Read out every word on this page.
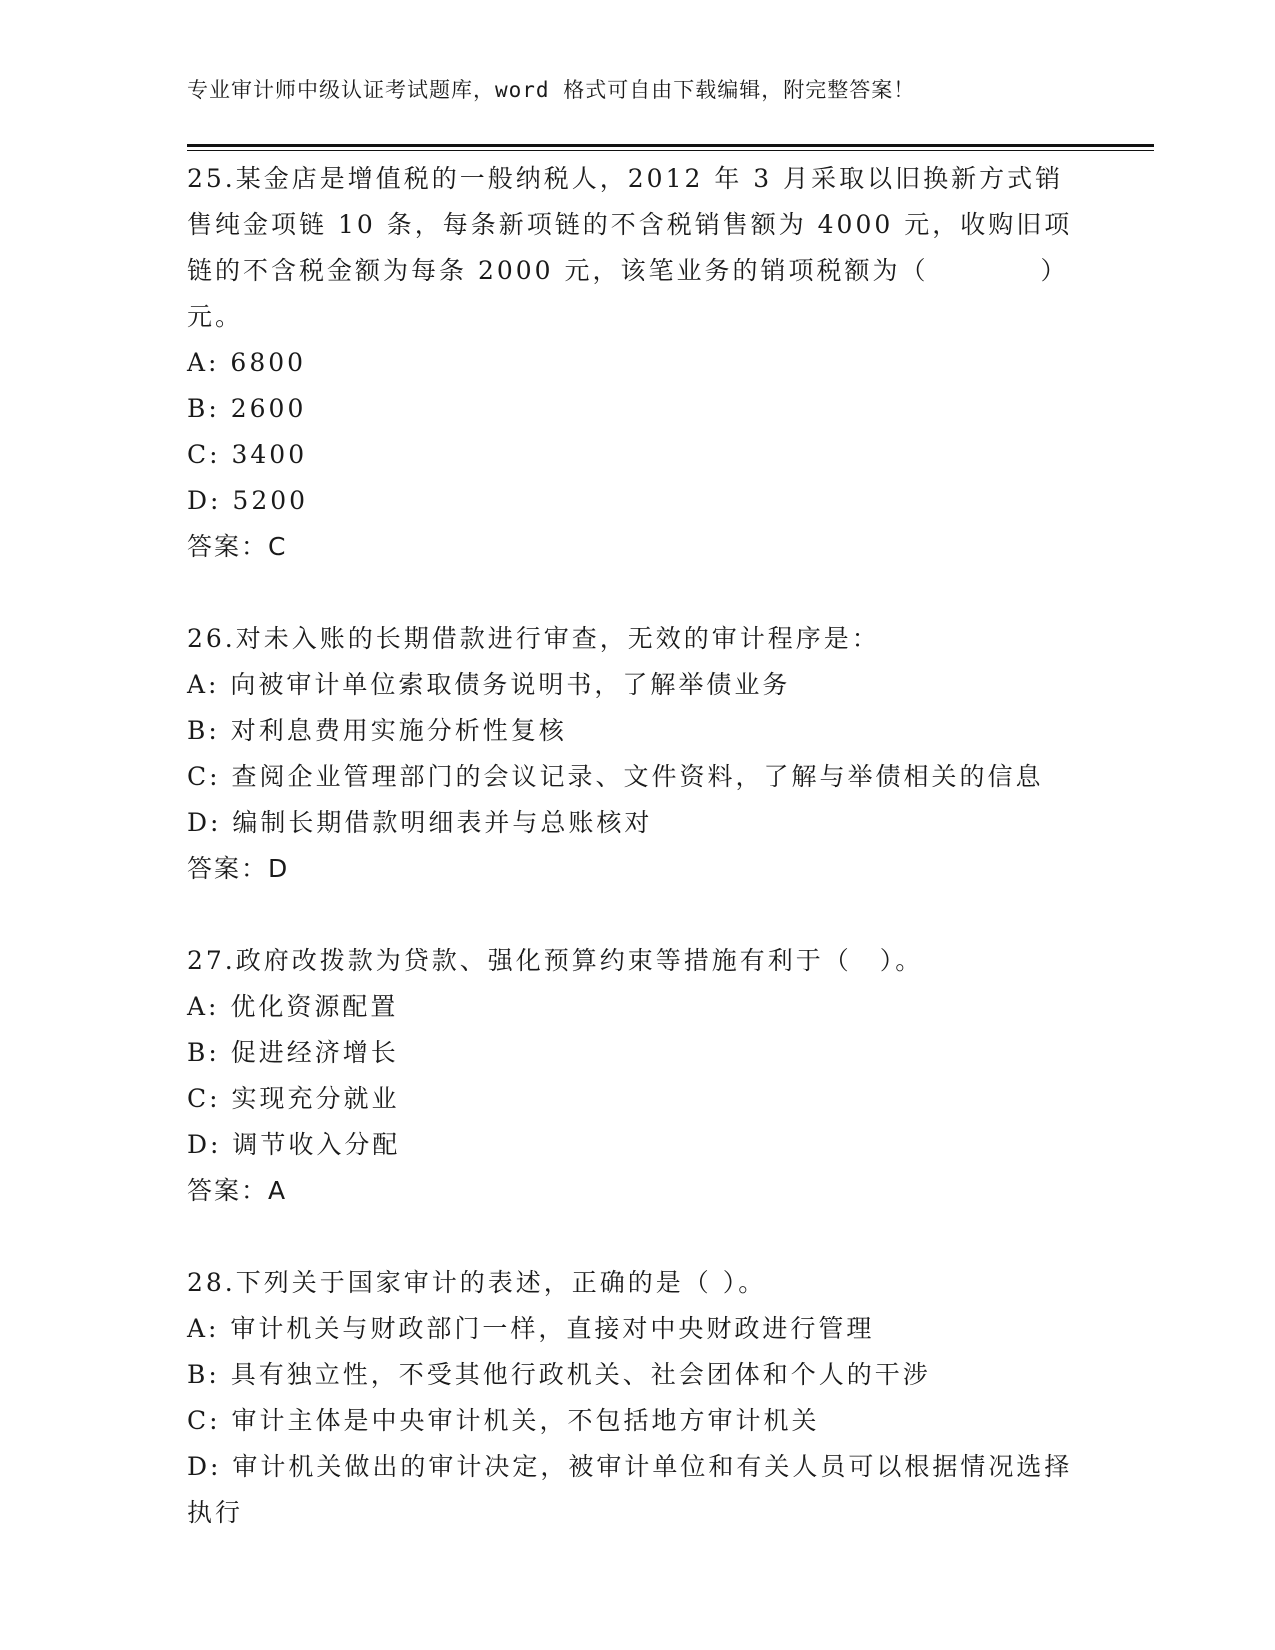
专业审计师中级认证考试题库，word 格式可自由下载编辑，附完整答案！
25.某金店是增值税的一般纳税人，2012 年 3 月采取以旧换新方式销售纯金项链 10 条，每条新项链的不含税销售额为 4000 元，收购旧项链的不含税金额为每条 2000 元，该笔业务的销项税额为（　　　　）元。
A: 6800
B: 2600
C: 3400
D: 5200
答案：C
26.对未入账的长期借款进行审查，无效的审计程序是：
A: 向被审计单位索取债务说明书，了解举债业务
B: 对利息费用实施分析性复核
C: 查阅企业管理部门的会议记录、文件资料，了解与举债相关的信息
D: 编制长期借款明细表并与总账核对
答案：D
27.政府改拨款为贷款、强化预算约束等措施有利于（　）。
A: 优化资源配置
B: 促进经济增长
C: 实现充分就业
D: 调节收入分配
答案：A
28.下列关于国家审计的表述，正确的是（ ）。
A: 审计机关与财政部门一样，直接对中央财政进行管理
B: 具有独立性，不受其他行政机关、社会团体和个人的干涉
C: 审计主体是中央审计机关，不包括地方审计机关
D: 审计机关做出的审计决定，被审计单位和有关人员可以根据情况选择执行
